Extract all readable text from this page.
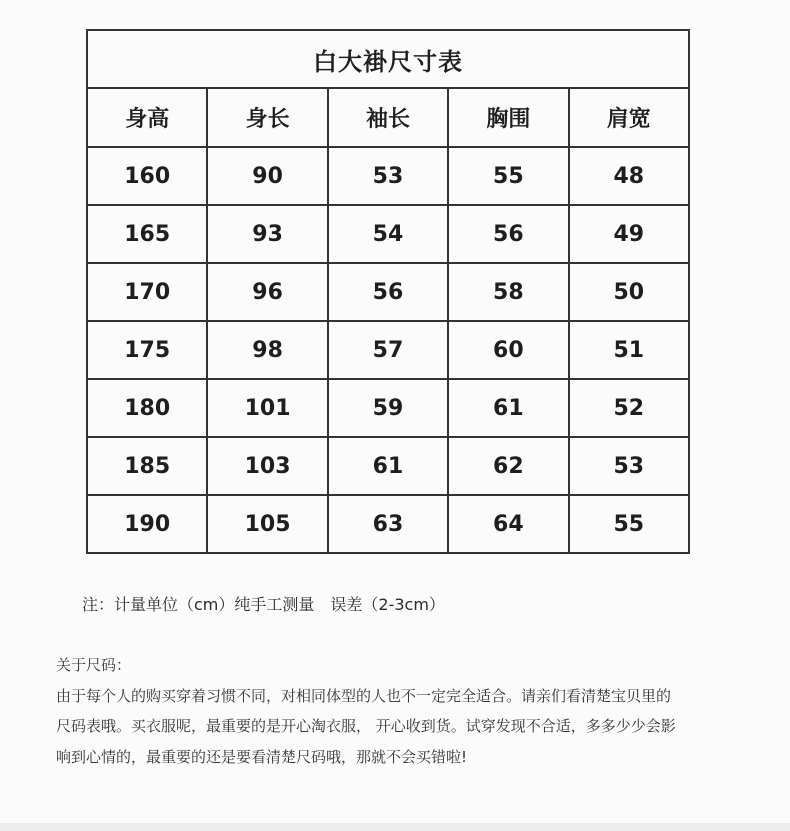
白大褂尺寸表				
身高	身长	袖长	胸围	肩宽
160	90	53	55	48
165	93	54	56	49
170	96	56	58	50
175	98	57	60	51
180	101	59	61	52
185	103	61	62	53
190	105	63	64	55
注：计量单位（cm）纯手工测量　误差（2-3cm）

关于尺码：

由于每个人的购买穿着习惯不同，对相同体型的人也不一定完全适合。请亲们看清楚宝贝里的

尺码表哦。买衣服呢，最重要的是开心淘衣服， 开心收到货。试穿发现不合适，多多少少会影

响到心情的，最重要的还是要看清楚尺码哦，那就不会买错啦!
